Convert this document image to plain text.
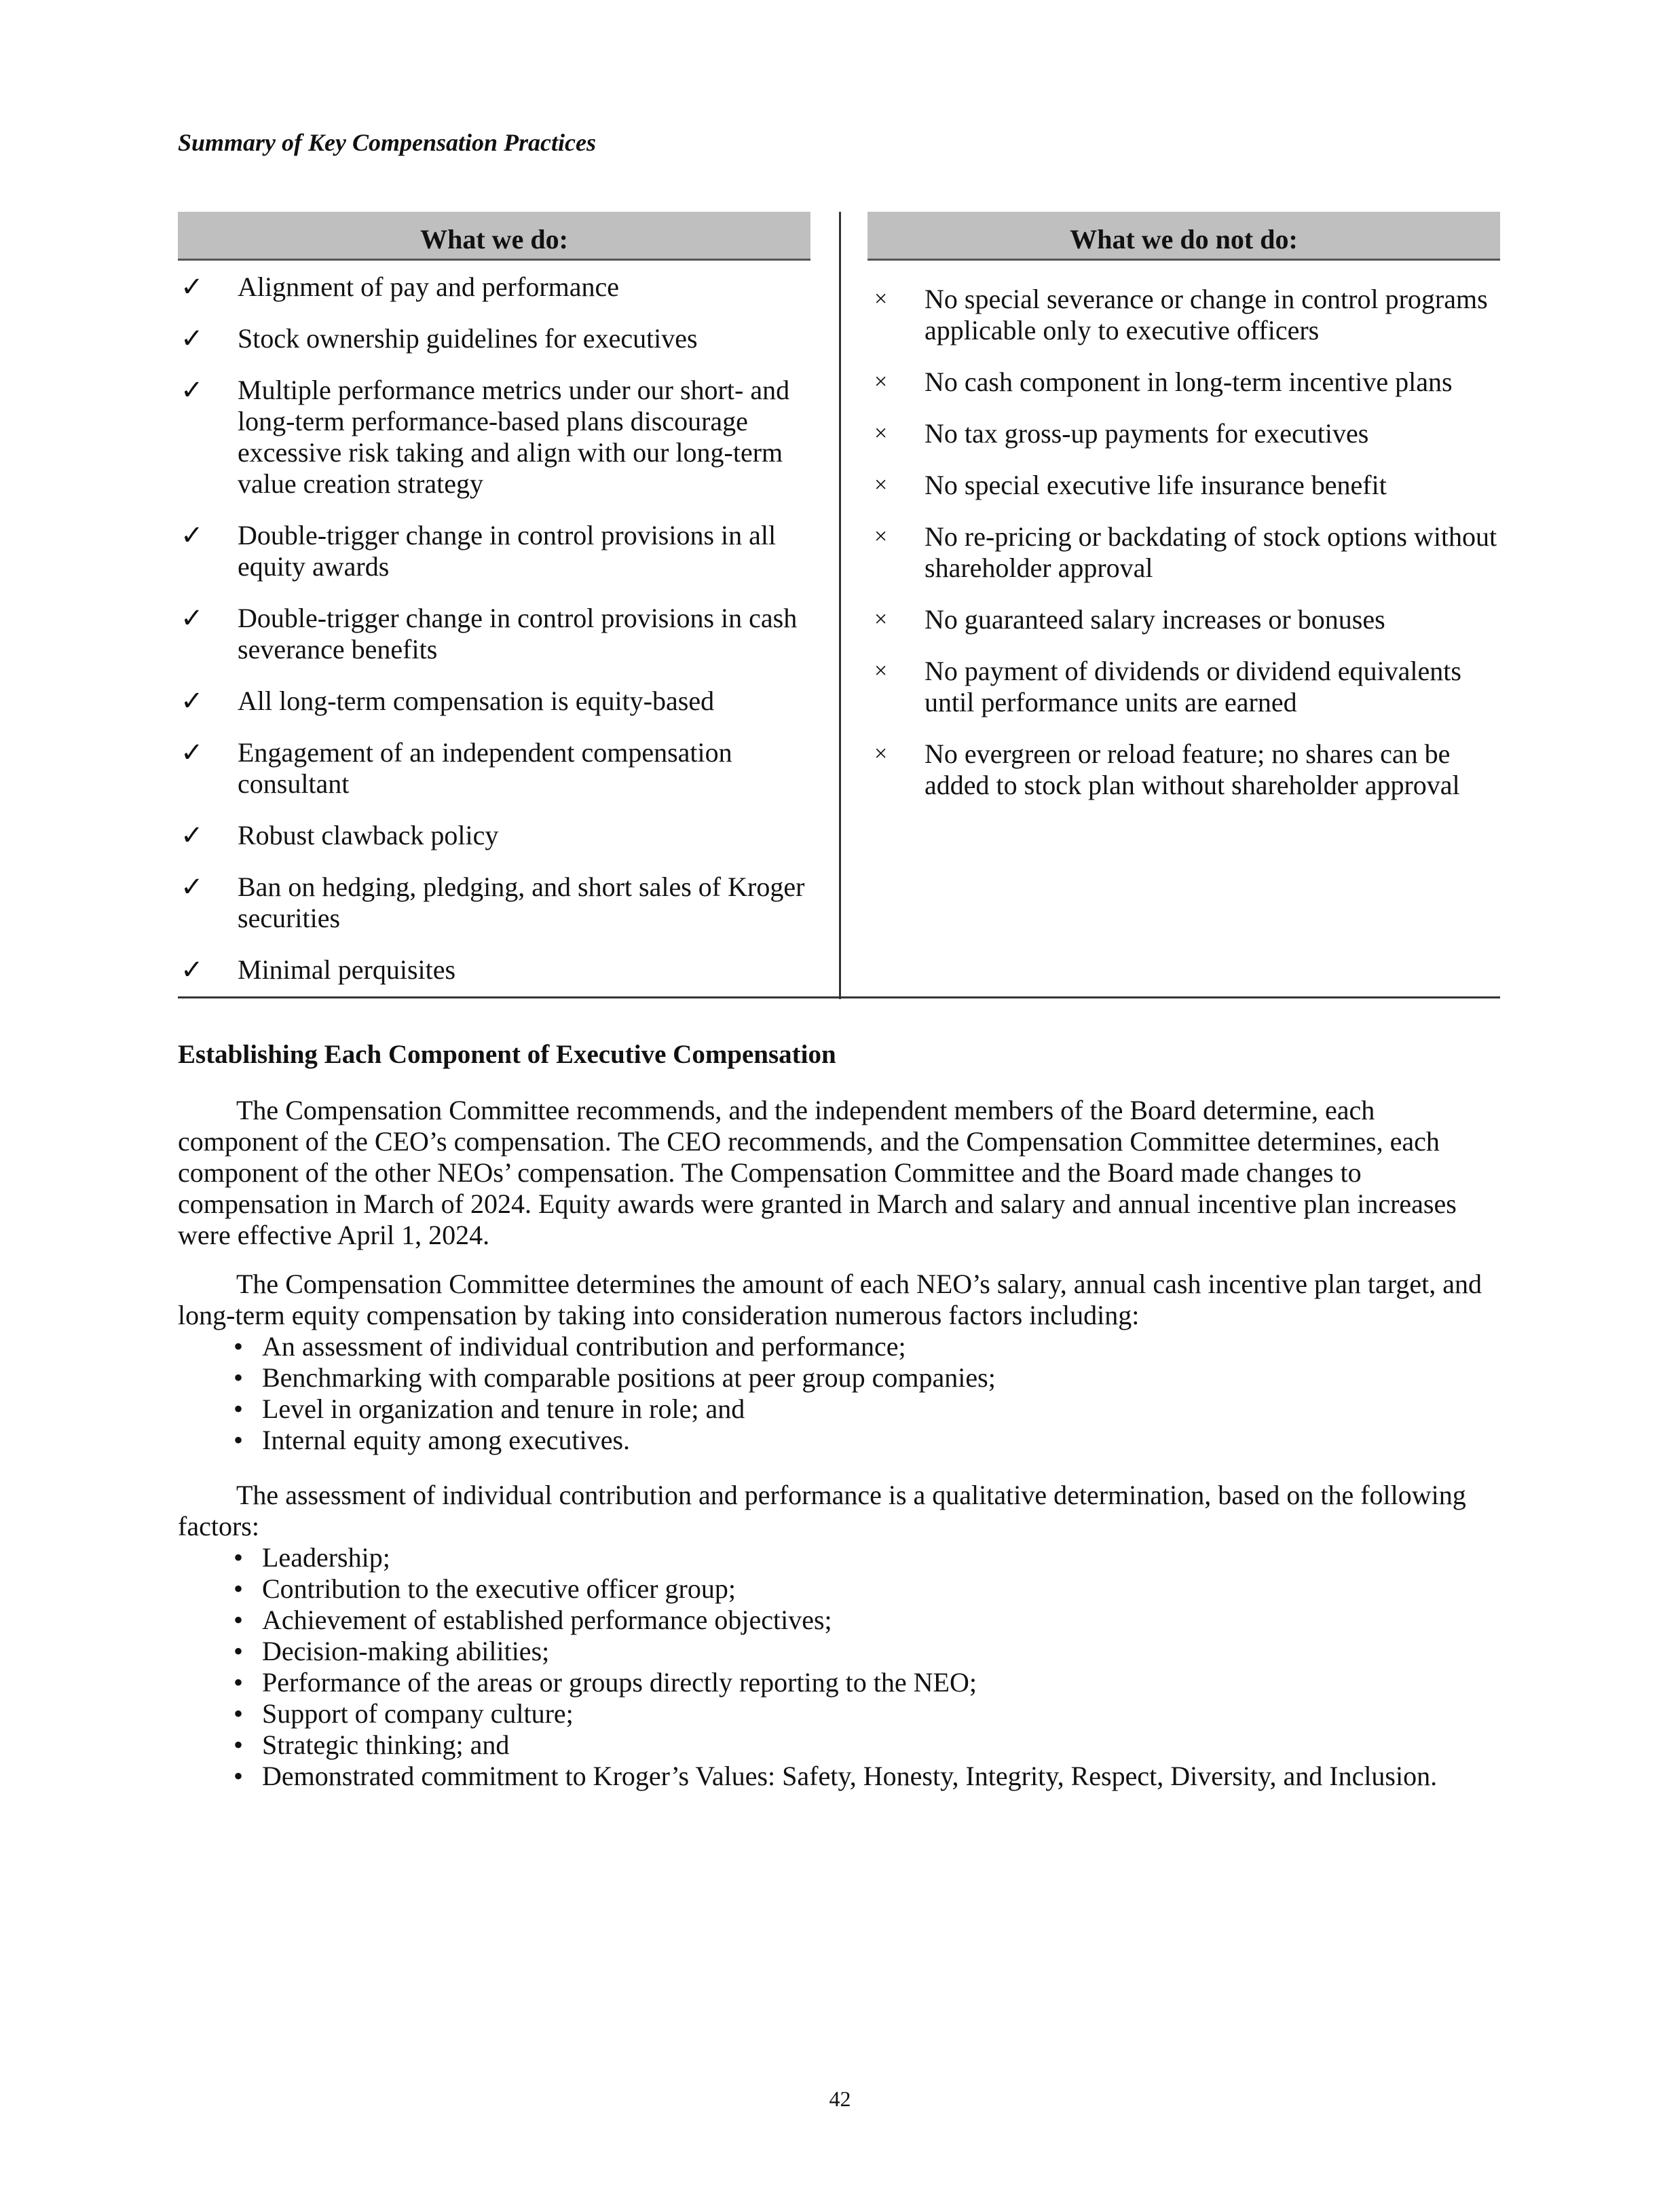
Summary of Key Compensation Practices
What we do:	What we do not do:
✓ Alignment of pay and performance
✓ Stock ownership guidelines for executives
✓ Multiple performance metrics under our short- and long-term performance-based plans discourage excessive risk taking and align with our long-term value creation strategy
✓ Double-trigger change in control provisions in all equity awards
✓ Double-trigger change in control provisions in cash severance benefits
✓ All long-term compensation is equity-based
✓ Engagement of an independent compensation consultant
✓ Robust clawback policy
✓ Ban on hedging, pledging, and short sales of Kroger securities
✓ Minimal perquisites
× No special severance or change in control programs applicable only to executive officers
× No cash component in long-term incentive plans
× No tax gross-up payments for executives
× No special executive life insurance benefit
× No re-pricing or backdating of stock options without shareholder approval
× No guaranteed salary increases or bonuses
× No payment of dividends or dividend equivalents until performance units are earned
× No evergreen or reload feature; no shares can be added to stock plan without shareholder approval
Establishing Each Component of Executive Compensation

The Compensation Committee recommends, and the independent members of the Board determine, each component of the CEO’s compensation. The CEO recommends, and the Compensation Committee determines, each component of the other NEOs’ compensation. The Compensation Committee and the Board made changes to compensation in March of 2024. Equity awards were granted in March and salary and annual incentive plan increases were effective April 1, 2024.

The Compensation Committee determines the amount of each NEO’s salary, annual cash incentive plan target, and long-term equity compensation by taking into consideration numerous factors including:

• An assessment of individual contribution and performance;
• Benchmarking with comparable positions at peer group companies;
• Level in organization and tenure in role; and
• Internal equity among executives.

The assessment of individual contribution and performance is a qualitative determination, based on the following factors:

• Leadership;
• Contribution to the executive officer group;
• Achievement of established performance objectives;
• Decision-making abilities;
• Performance of the areas or groups directly reporting to the NEO;
• Support of company culture;
• Strategic thinking; and
• Demonstrated commitment to Kroger’s Values: Safety, Honesty, Integrity, Respect, Diversity, and Inclusion.
42
